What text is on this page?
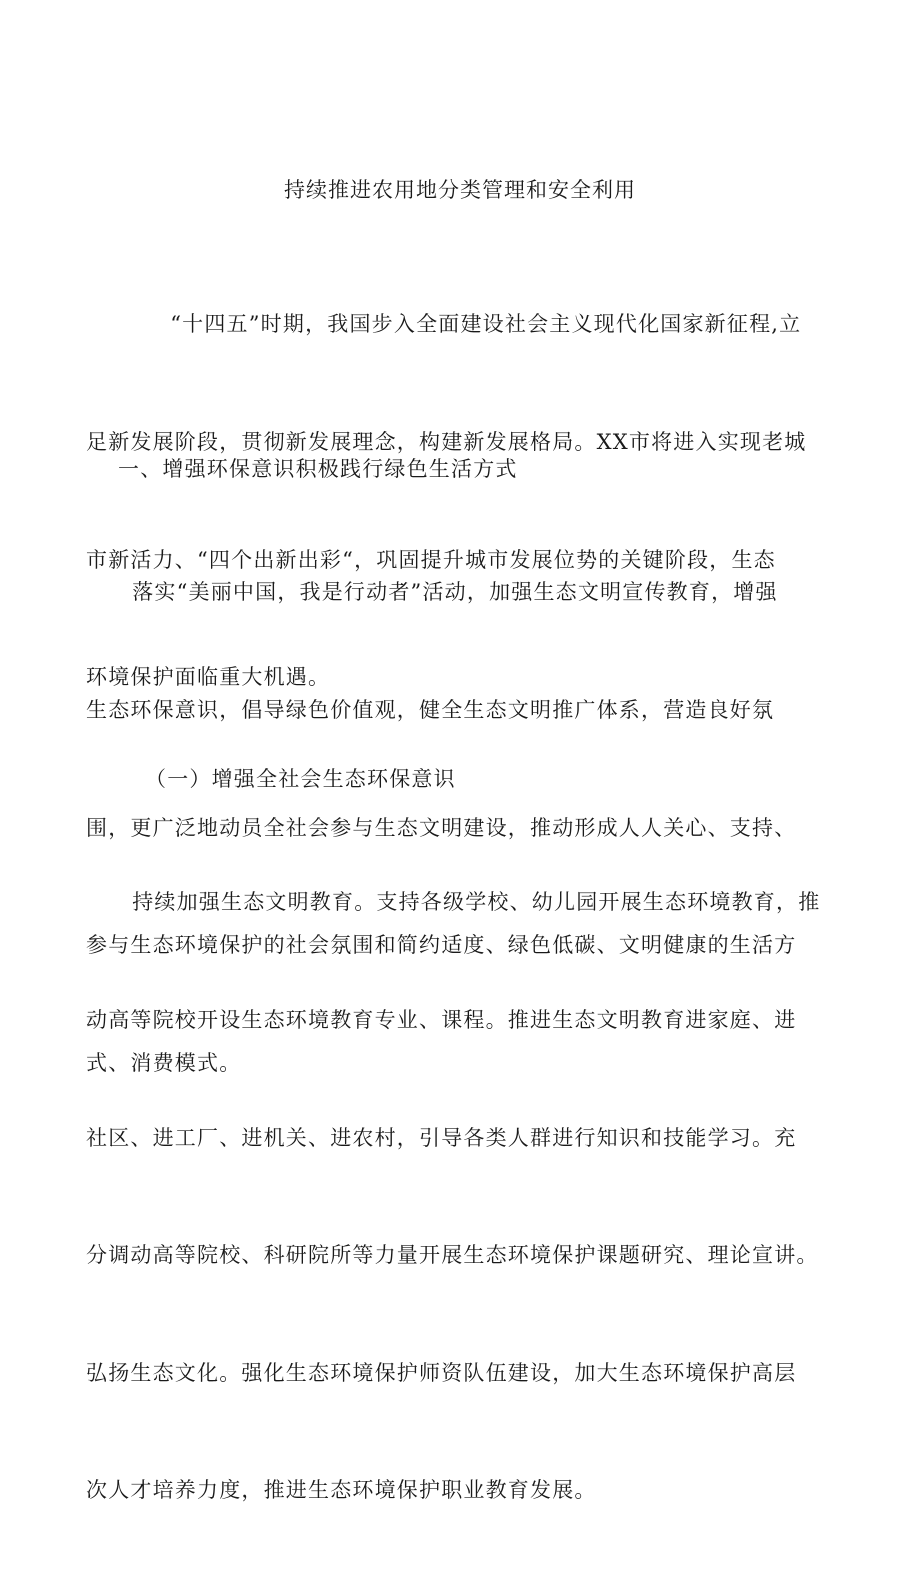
持续推进农用地分类管理和安全利用

　“十四五”时期，我国步入全面建设社会主义现代化国家新征程,立

足新发展阶段，贯彻新发展理念，构建新发展格局。XX市将进入实现老城

市新活力、“四个出新出彩“，巩固提升城市发展位势的关键阶段，生态

环境保护面临重大机遇。

一、增强环保意识积极践行绿色生活方式

　落实“美丽中国，我是行动者”活动，加强生态文明宣传教育，增强

生态环保意识，倡导绿色价值观，健全生态文明推广体系，营造良好氛

围，更广泛地动员全社会参与生态文明建设，推动形成人人关心、支持、

参与生态环境保护的社会氛围和简约适度、绿色低碳、文明健康的生活方

式、消费模式。

（一）增强全社会生态环保意识

　持续加强生态文明教育。支持各级学校、幼儿园开展生态环境教育，推

动高等院校开设生态环境教育专业、课程。推进生态文明教育进家庭、进

社区、进工厂、进机关、进农村，引导各类人群进行知识和技能学习。充

分调动高等院校、科研院所等力量开展生态环境保护课题研究、理论宣讲。

弘扬生态文化。强化生态环境保护师资队伍建设，加大生态环境保护高层

次人才培养力度，推进生态环境保护职业教育发展。
